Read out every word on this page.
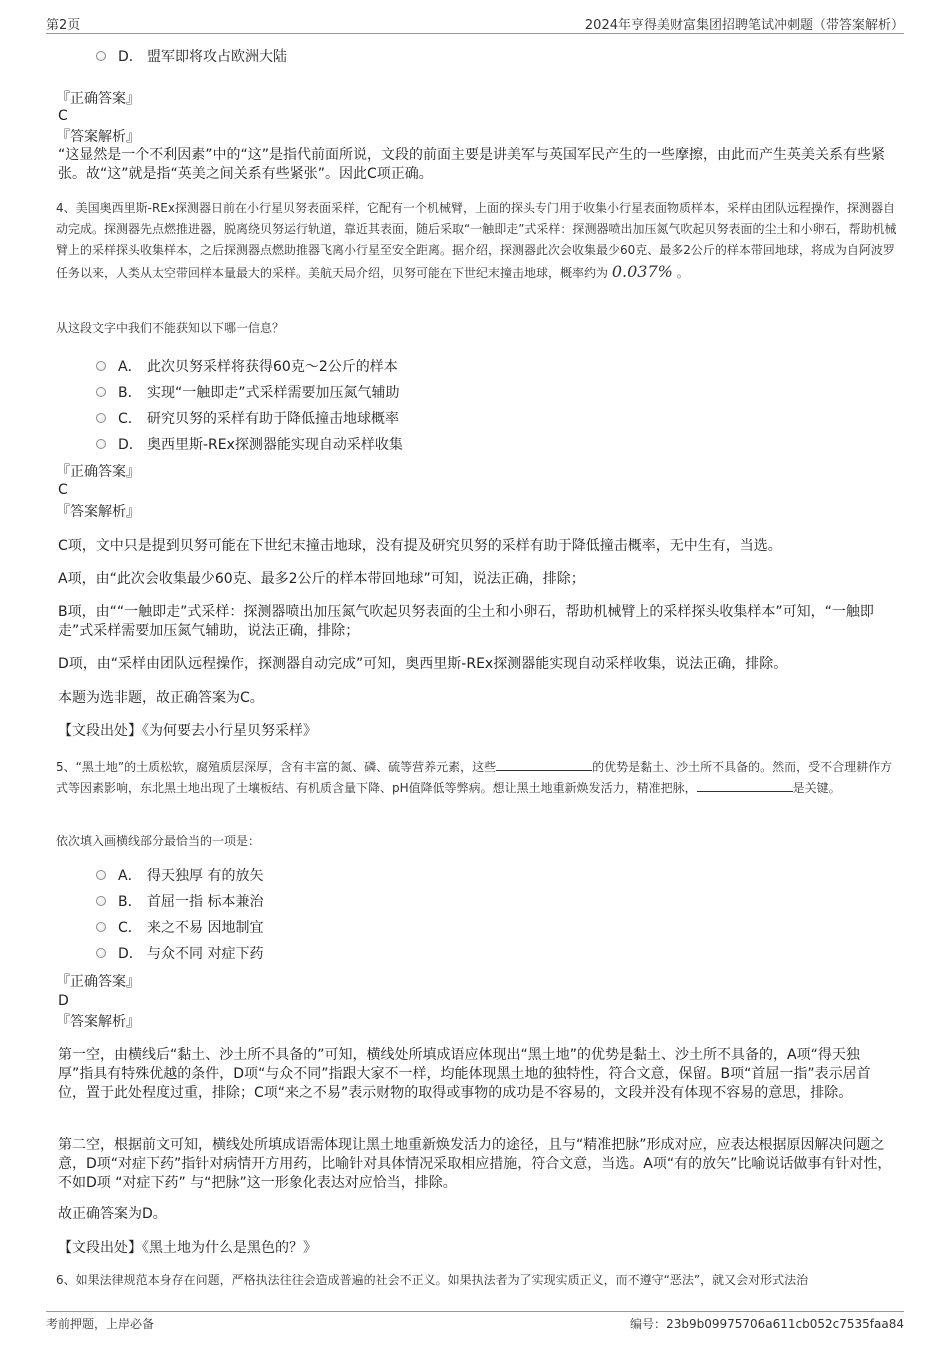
第2页	2024年亨得美财富集团招聘笔试冲刺题（带答案解析）
D． 盟军即将攻占欧洲大陆
『正确答案』
C
『答案解析』
“这显然是一个不利因素”中的“这”是指代前面所说，文段的前面主要是讲美军与英国军民产生的一些摩擦，由此而产生英美关系有些紧张。故“这”就是指“英美之间关系有些紧张”。因此C项正确。
4、美国奥西里斯-REx探测器日前在小行星贝努表面采样，它配有一个机械臂，上面的探头专门用于收集小行星表面物质样本，采样由团队远程操作，探测器自动完成。探测器先点燃推进器，脱离绕贝努运行轨道，靠近其表面，随后采取“一触即走”式采样：探测器喷出加压氮气吹起贝努表面的尘土和小卵石，帮助机械臂上的采样探头收集样本，之后探测器点燃助推器飞离小行星至安全距离。据介绍，探测器此次会收集最少60克、最多2公斤的样本带回地球，将成为自阿波罗任务以来，人类从太空带回样本量最大的采样。美航天局介绍，贝努可能在下世纪末撞击地球，概率约为 0.037% 。
从这段文字中我们不能获知以下哪一信息？
A． 此次贝努采样将获得60克～2公斤的样本
B． 实现“一触即走”式采样需要加压氮气辅助
C． 研究贝努的采样有助于降低撞击地球概率
D． 奥西里斯-REx探测器能实现自动采样收集
『正确答案』
C
『答案解析』
C项，文中只是提到贝努可能在下世纪末撞击地球，没有提及研究贝努的采样有助于降低撞击概率，无中生有，当选。
A项，由“此次会收集最少60克、最多2公斤的样本带回地球”可知，说法正确，排除；
B项，由““一触即走”式采样：探测器喷出加压氮气吹起贝努表面的尘土和小卵石，帮助机械臂上的采样探头收集样本”可知，“一触即走”式采样需要加压氮气辅助，说法正确，排除；
D项，由“采样由团队远程操作，探测器自动完成”可知，奥西里斯-REx探测器能实现自动采样收集，说法正确，排除。
本题为选非题，故正确答案为C。
【文段出处】《为何要去小行星贝努采样》
5、“黑土地”的土质松软，腐殖质层深厚，含有丰富的氮、磷、硫等营养元素，这些	的优势是黏土、沙土所不具备的。然而，受不合理耕作方式等因素影响，东北黑土地出现了土壤板结、有机质含量下降、pH值降低等弊病。想让黑土地重新焕发活力，精准把脉，	是关键。
依次填入画横线部分最恰当的一项是：
A． 得天独厚 有的放矢
B． 首屈一指 标本兼治
C． 来之不易 因地制宜
D． 与众不同 对症下药
『正确答案』
D
『答案解析』
第一空，由横线后“黏土、沙土所不具备的”可知，横线处所填成语应体现出“黑土地”的优势是黏土、沙土所不具备的，A项“得天独厚”指具有特殊优越的条件，D项“与众不同”指跟大家不一样，均能体现黑土地的独特性，符合文意，保留。B项“首屈一指”表示居首位，置于此处程度过重，排除；C项“来之不易”表示财物的取得或事物的成功是不容易的，文段并没有体现不容易的意思，排除。
第二空，根据前文可知，横线处所填成语需体现让黑土地重新焕发活力的途径，且与“精准把脉”形成对应，应表达根据原因解决问题之意，D项“对症下药”指针对病情开方用药，比喻针对具体情况采取相应措施，符合文意，当选。A项“有的放矢”比喻说话做事有针对性，不如D项 “对症下药” 与“把脉”这一形象化表达对应恰当，排除。
故正确答案为D。
【文段出处】《黑土地为什么是黑色的？》
6、如果法律规范本身存在问题，严格执法往往会造成普遍的社会不正义。如果执法者为了实现实质正义，而不遵守“恶法”，就又会对形式法治
考前押题，上岸必备	编号：23b9b09975706a611cb052c7535faa84
